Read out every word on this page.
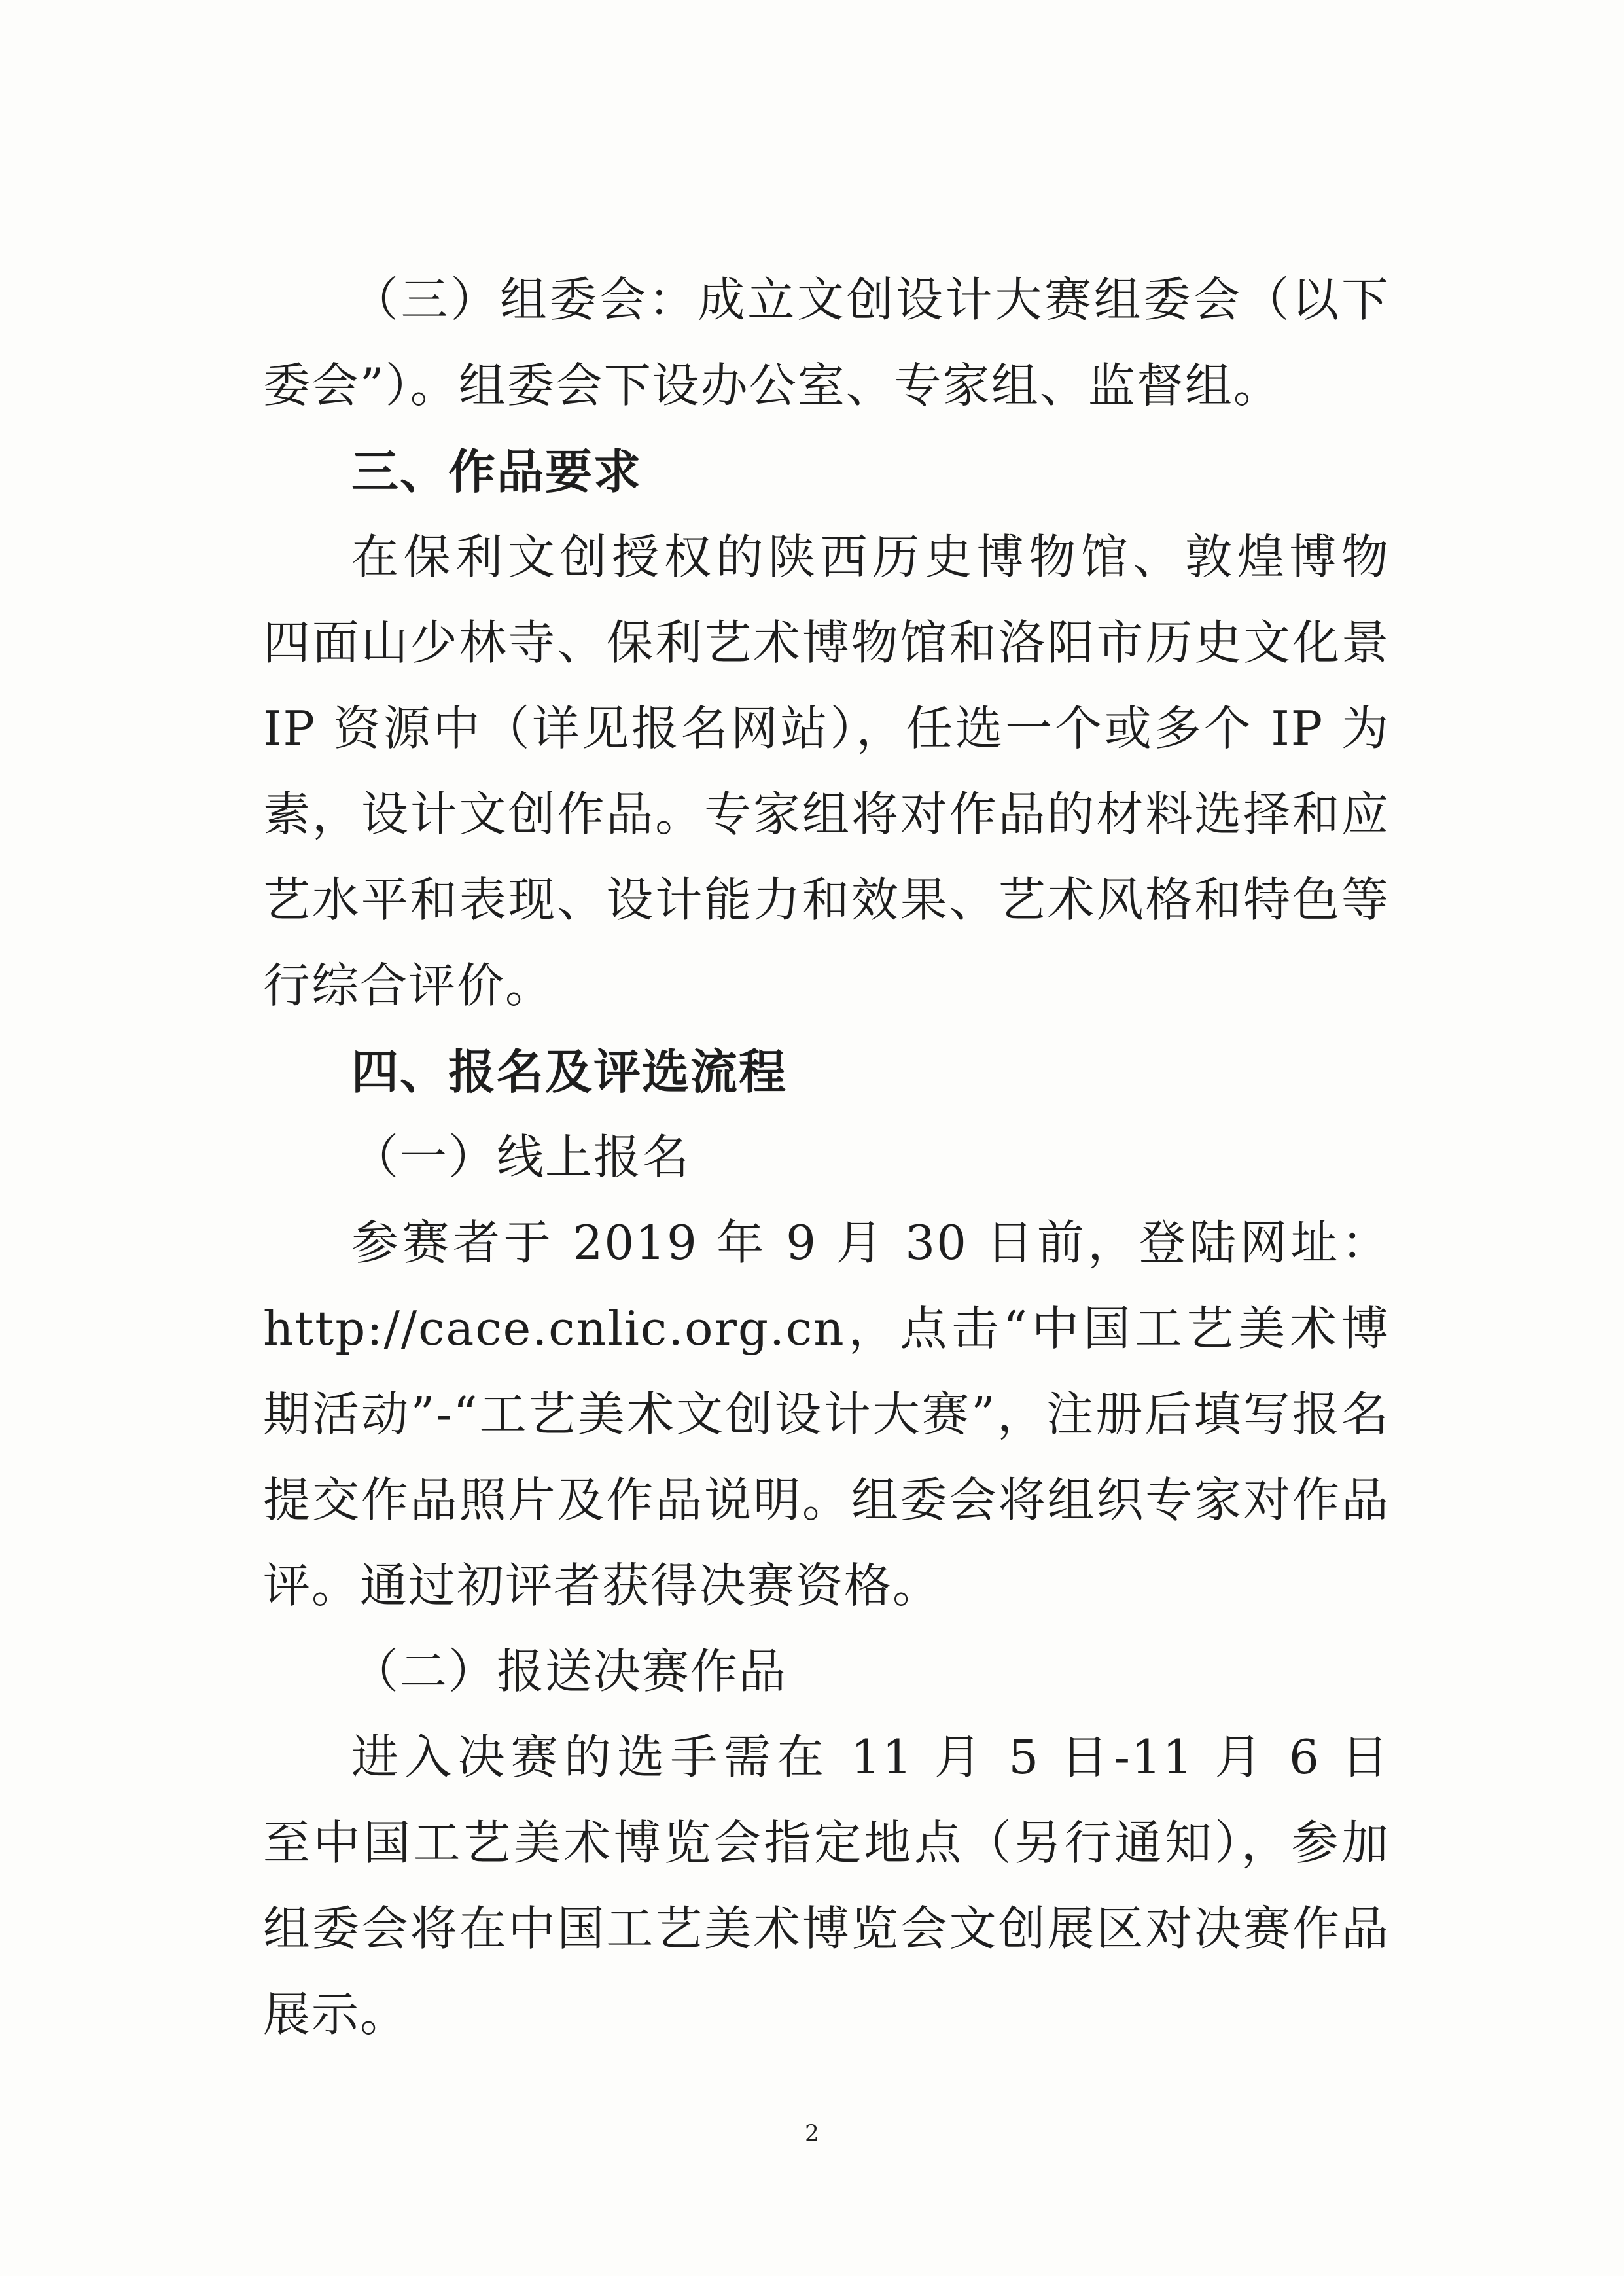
（三）组委会：成立文创设计大赛组委会（以下
委会”）。组委会下设办公室、专家组、监督组。
三、作品要求
在保利文创授权的陕西历史博物馆、敦煌博物
四面山少林寺、保利艺术博物馆和洛阳市历史文化景
IP 资源中（详见报名网站），任选一个或多个 IP 为
素，设计文创作品。专家组将对作品的材料选择和应
艺水平和表现、设计能力和效果、艺术风格和特色等
行综合评价。
四、报名及评选流程
（一）线上报名
参赛者于 2019 年 9 月 30 日前，登陆网址：
http://cace.cnlic.org.cn，点击“中国工艺美术博
期活动”-“工艺美术文创设计大赛”，注册后填写报名
提交作品照片及作品说明。组委会将组织专家对作品
评。通过初评者获得决赛资格。
（二）报送决赛作品
进入决赛的选手需在 11 月 5 日-11 月 6 日
至中国工艺美术博览会指定地点（另行通知），参加
组委会将在中国工艺美术博览会文创展区对决赛作品
展示。
2
